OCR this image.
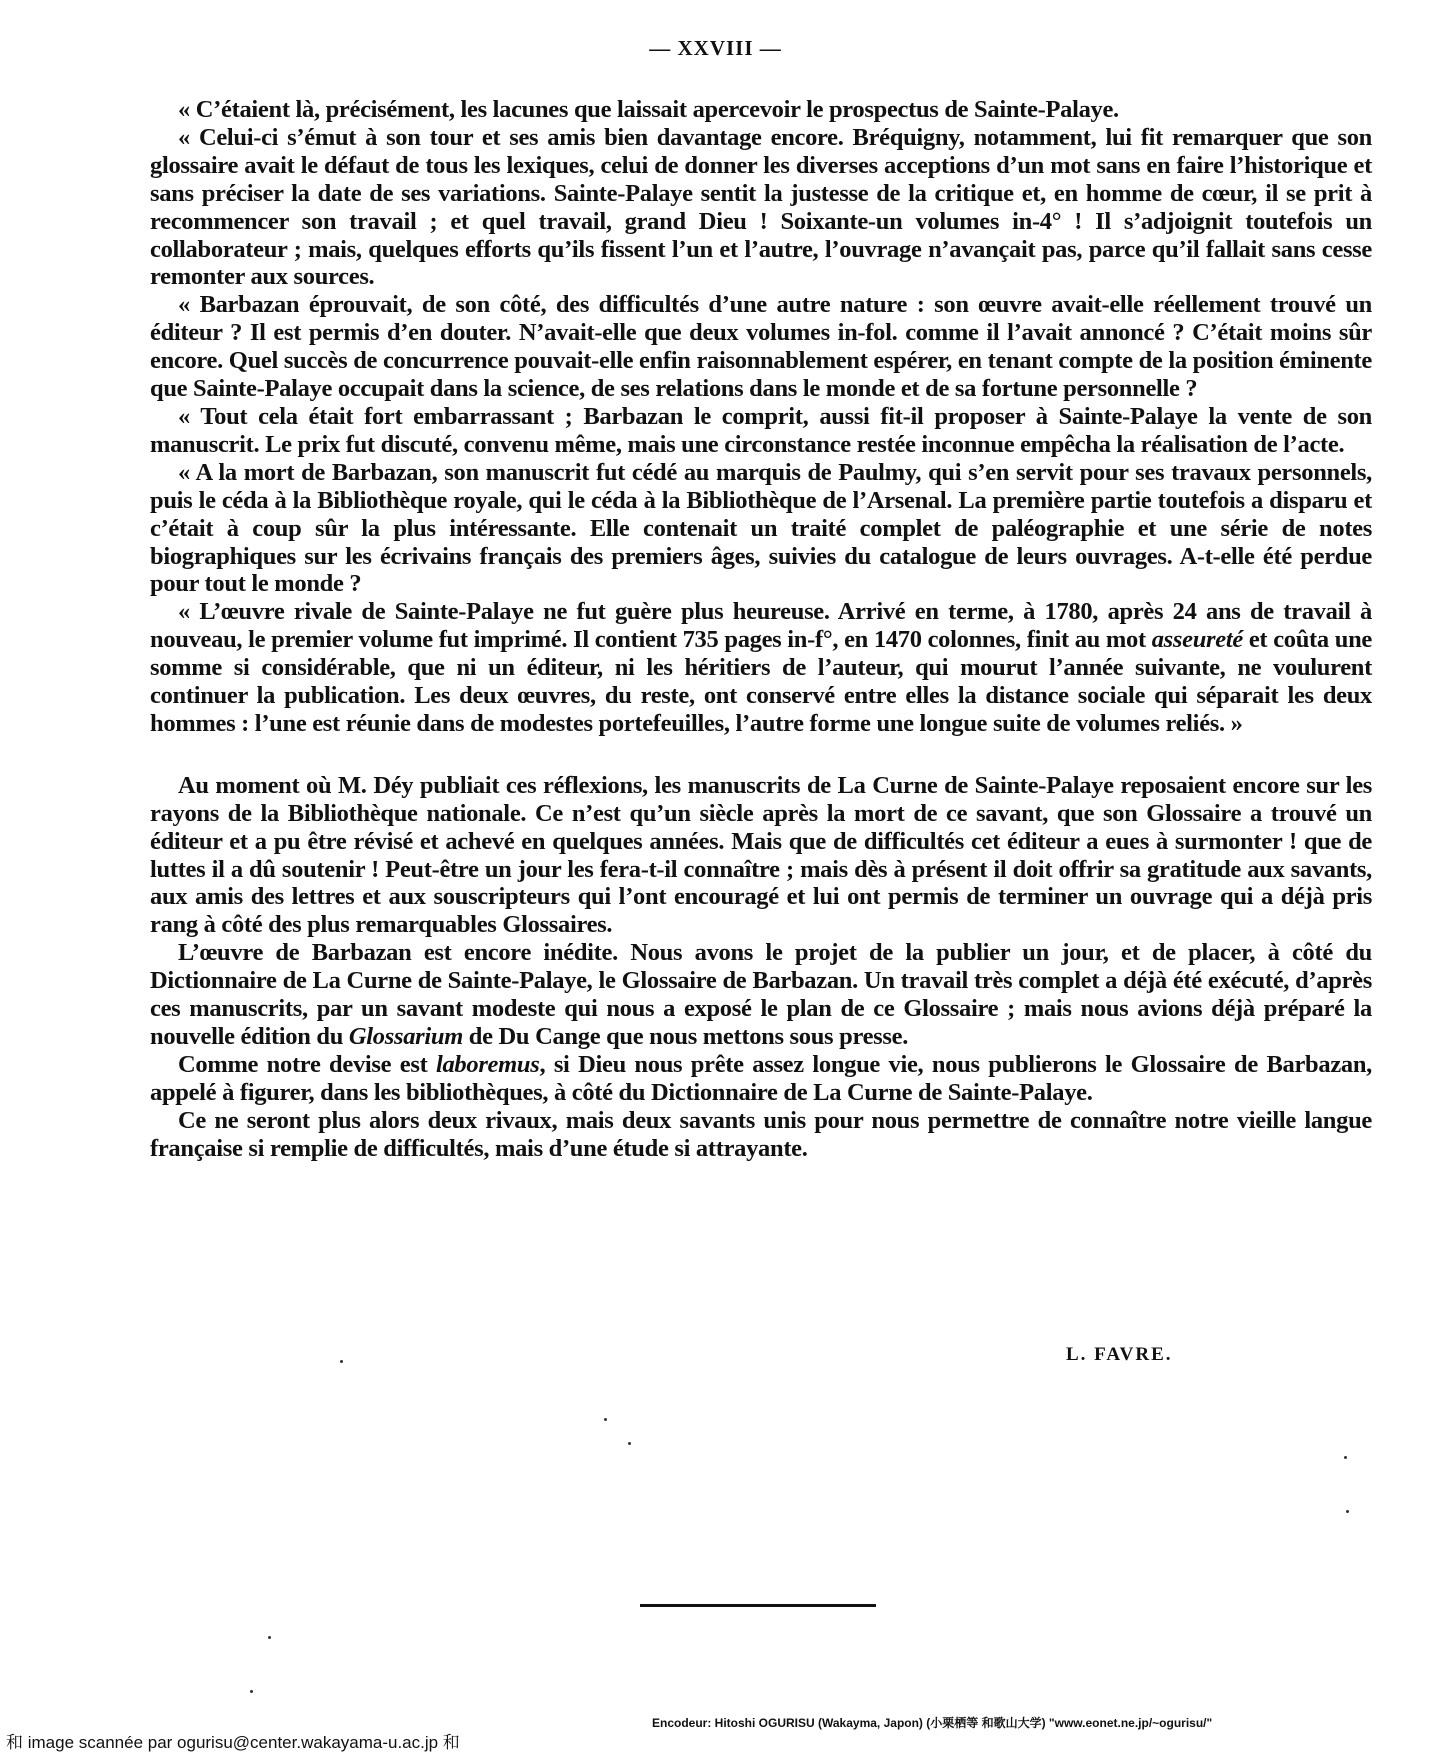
— XXVIII —

« C’étaient là, précisément, les lacunes que laissait apercevoir le prospectus de Sainte-Palaye.

« Celui-ci s’émut à son tour et ses amis bien davantage encore. Bréquigny, notamment, lui fit remarquer que son glossaire avait le défaut de tous les lexiques, celui de donner les diverses acceptions d’un mot sans en faire l’historique et sans préciser la date de ses variations. Sainte-Palaye sentit la justesse de la critique et, en homme de cœur, il se prit à recommencer son travail ; et quel travail, grand Dieu ! Soixante-un volumes in-4° ! Il s’adjoignit toutefois un collaborateur ; mais, quelques efforts qu’ils fissent l’un et l’autre, l’ouvrage n’avançait pas, parce qu’il fallait sans cesse remonter aux sources.

« Barbazan éprouvait, de son côté, des difficultés d’une autre nature : son œuvre avait-elle réellement trouvé un éditeur ? Il est permis d’en douter. N’avait-elle que deux volumes in-fol. comme il l’avait annoncé ? C’était moins sûr encore. Quel succès de concurrence pouvait-elle enfin raisonnablement espérer, en tenant compte de la position éminente que Sainte-Palaye occupait dans la science, de ses relations dans le monde et de sa fortune personnelle ?

« Tout cela était fort embarrassant ; Barbazan le comprit, aussi fit-il proposer à Sainte-Palaye la vente de son manuscrit. Le prix fut discuté, convenu même, mais une circonstance restée inconnue empêcha la réalisation de l’acte.

« A la mort de Barbazan, son manuscrit fut cédé au marquis de Paulmy, qui s’en servit pour ses travaux personnels, puis le céda à la Bibliothèque royale, qui le céda à la Bibliothèque de l’Arsenal. La première partie toutefois a disparu et c’était à coup sûr la plus intéressante. Elle contenait un traité complet de paléographie et une série de notes biographiques sur les écrivains français des premiers âges, suivies du catalogue de leurs ouvrages. A-t-elle été perdue pour tout le monde ?

« L’œuvre rivale de Sainte-Palaye ne fut guère plus heureuse. Arrivé en terme, à 1780, après 24 ans de travail à nouveau, le premier volume fut imprimé. Il contient 735 pages in-f°, en 1470 colonnes, finit au mot asseureté et coûta une somme si considérable, que ni un éditeur, ni les héritiers de l’auteur, qui mourut l’année suivante, ne voulurent continuer la publication. Les deux œuvres, du reste, ont conservé entre elles la distance sociale qui séparait les deux hommes : l’une est réunie dans de modestes portefeuilles, l’autre forme une longue suite de volumes reliés. »

Au moment où M. Déy publiait ces réflexions, les manuscrits de La Curne de Sainte-Palaye reposaient encore sur les rayons de la Bibliothèque nationale. Ce n’est qu’un siècle après la mort de ce savant, que son Glossaire a trouvé un éditeur et a pu être révisé et achevé en quelques années. Mais que de difficultés cet éditeur a eues à surmonter ! que de luttes il a dû soutenir ! Peut-être un jour les fera-t-il connaître ; mais dès à présent il doit offrir sa gratitude aux savants, aux amis des lettres et aux souscripteurs qui l’ont encouragé et lui ont permis de terminer un ouvrage qui a déjà pris rang à côté des plus remarquables Glossaires.

L’œuvre de Barbazan est encore inédite. Nous avons le projet de la publier un jour, et de placer, à côté du Dictionnaire de La Curne de Sainte-Palaye, le Glossaire de Barbazan. Un travail très complet a déjà été exécuté, d’après ces manuscrits, par un savant modeste qui nous a exposé le plan de ce Glossaire ; mais nous avions déjà préparé la nouvelle édition du Glossarium de Du Cange que nous mettons sous presse.

Comme notre devise est laboremus, si Dieu nous prête assez longue vie, nous publierons le Glossaire de Barbazan, appelé à figurer, dans les bibliothèques, à côté du Dictionnaire de La Curne de Sainte-Palaye.

Ce ne seront plus alors deux rivaux, mais deux savants unis pour nous permettre de connaître notre vieille langue française si remplie de difficultés, mais d’une étude si attrayante.

L. FAVRE.
Encodeur: Hitoshi OGURISU (Wakayma, Japon) (小栗栖等 和歌山大学) "www.eonet.ne.jp/~ogurisu/"
和 image scannée par ogurisu@center.wakayama-u.ac.jp 和
